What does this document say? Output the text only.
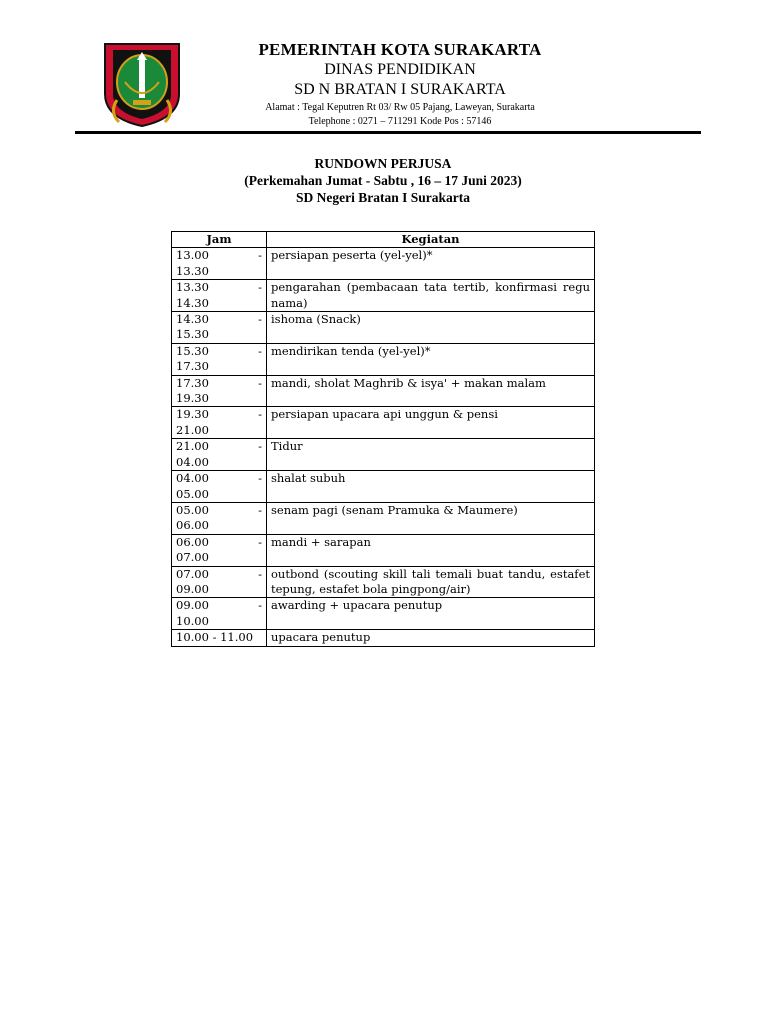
PEMERINTAH KOTA SURAKARTA
DINAS PENDIDIKAN
SD N BRATAN I SURAKARTA
Alamat : Tegal Keputren Rt 03/ Rw 05 Pajang, Laweyan, Surakarta
Telephone : 0271 – 711291 Kode Pos : 57146
RUNDOWN PERJUSA
(Perkemahan Jumat - Sabtu , 16 – 17 Juni 2023)
SD Negeri Bratan I Surakarta
Jam	Kegiatan

13.00 -
13.30	persiapan peserta (yel-yel)*

13.30 -
14.30	pengarahan (pembacaan tata tertib, konfirmasi regu nama)

14.30 -
15.30	ishoma (Snack)

15.30 -
17.30	mendirikan tenda (yel-yel)*

17.30 -
19.30	mandi, sholat Maghrib & isya' + makan malam

19.30 -
21.00	persiapan upacara api unggun & pensi

21.00 -
04.00	Tidur

04.00 -
05.00	shalat subuh

05.00 -
06.00	senam pagi (senam Pramuka & Maumere)

06.00 -
07.00	mandi + sarapan

07.00 -
09.00	outbond (scouting skill tali temali buat tandu, estafet tepung, estafet bola pingpong/air)

09.00 -
10.00	awarding + upacara penutup
10.00 - 11.00	upacara penutup
